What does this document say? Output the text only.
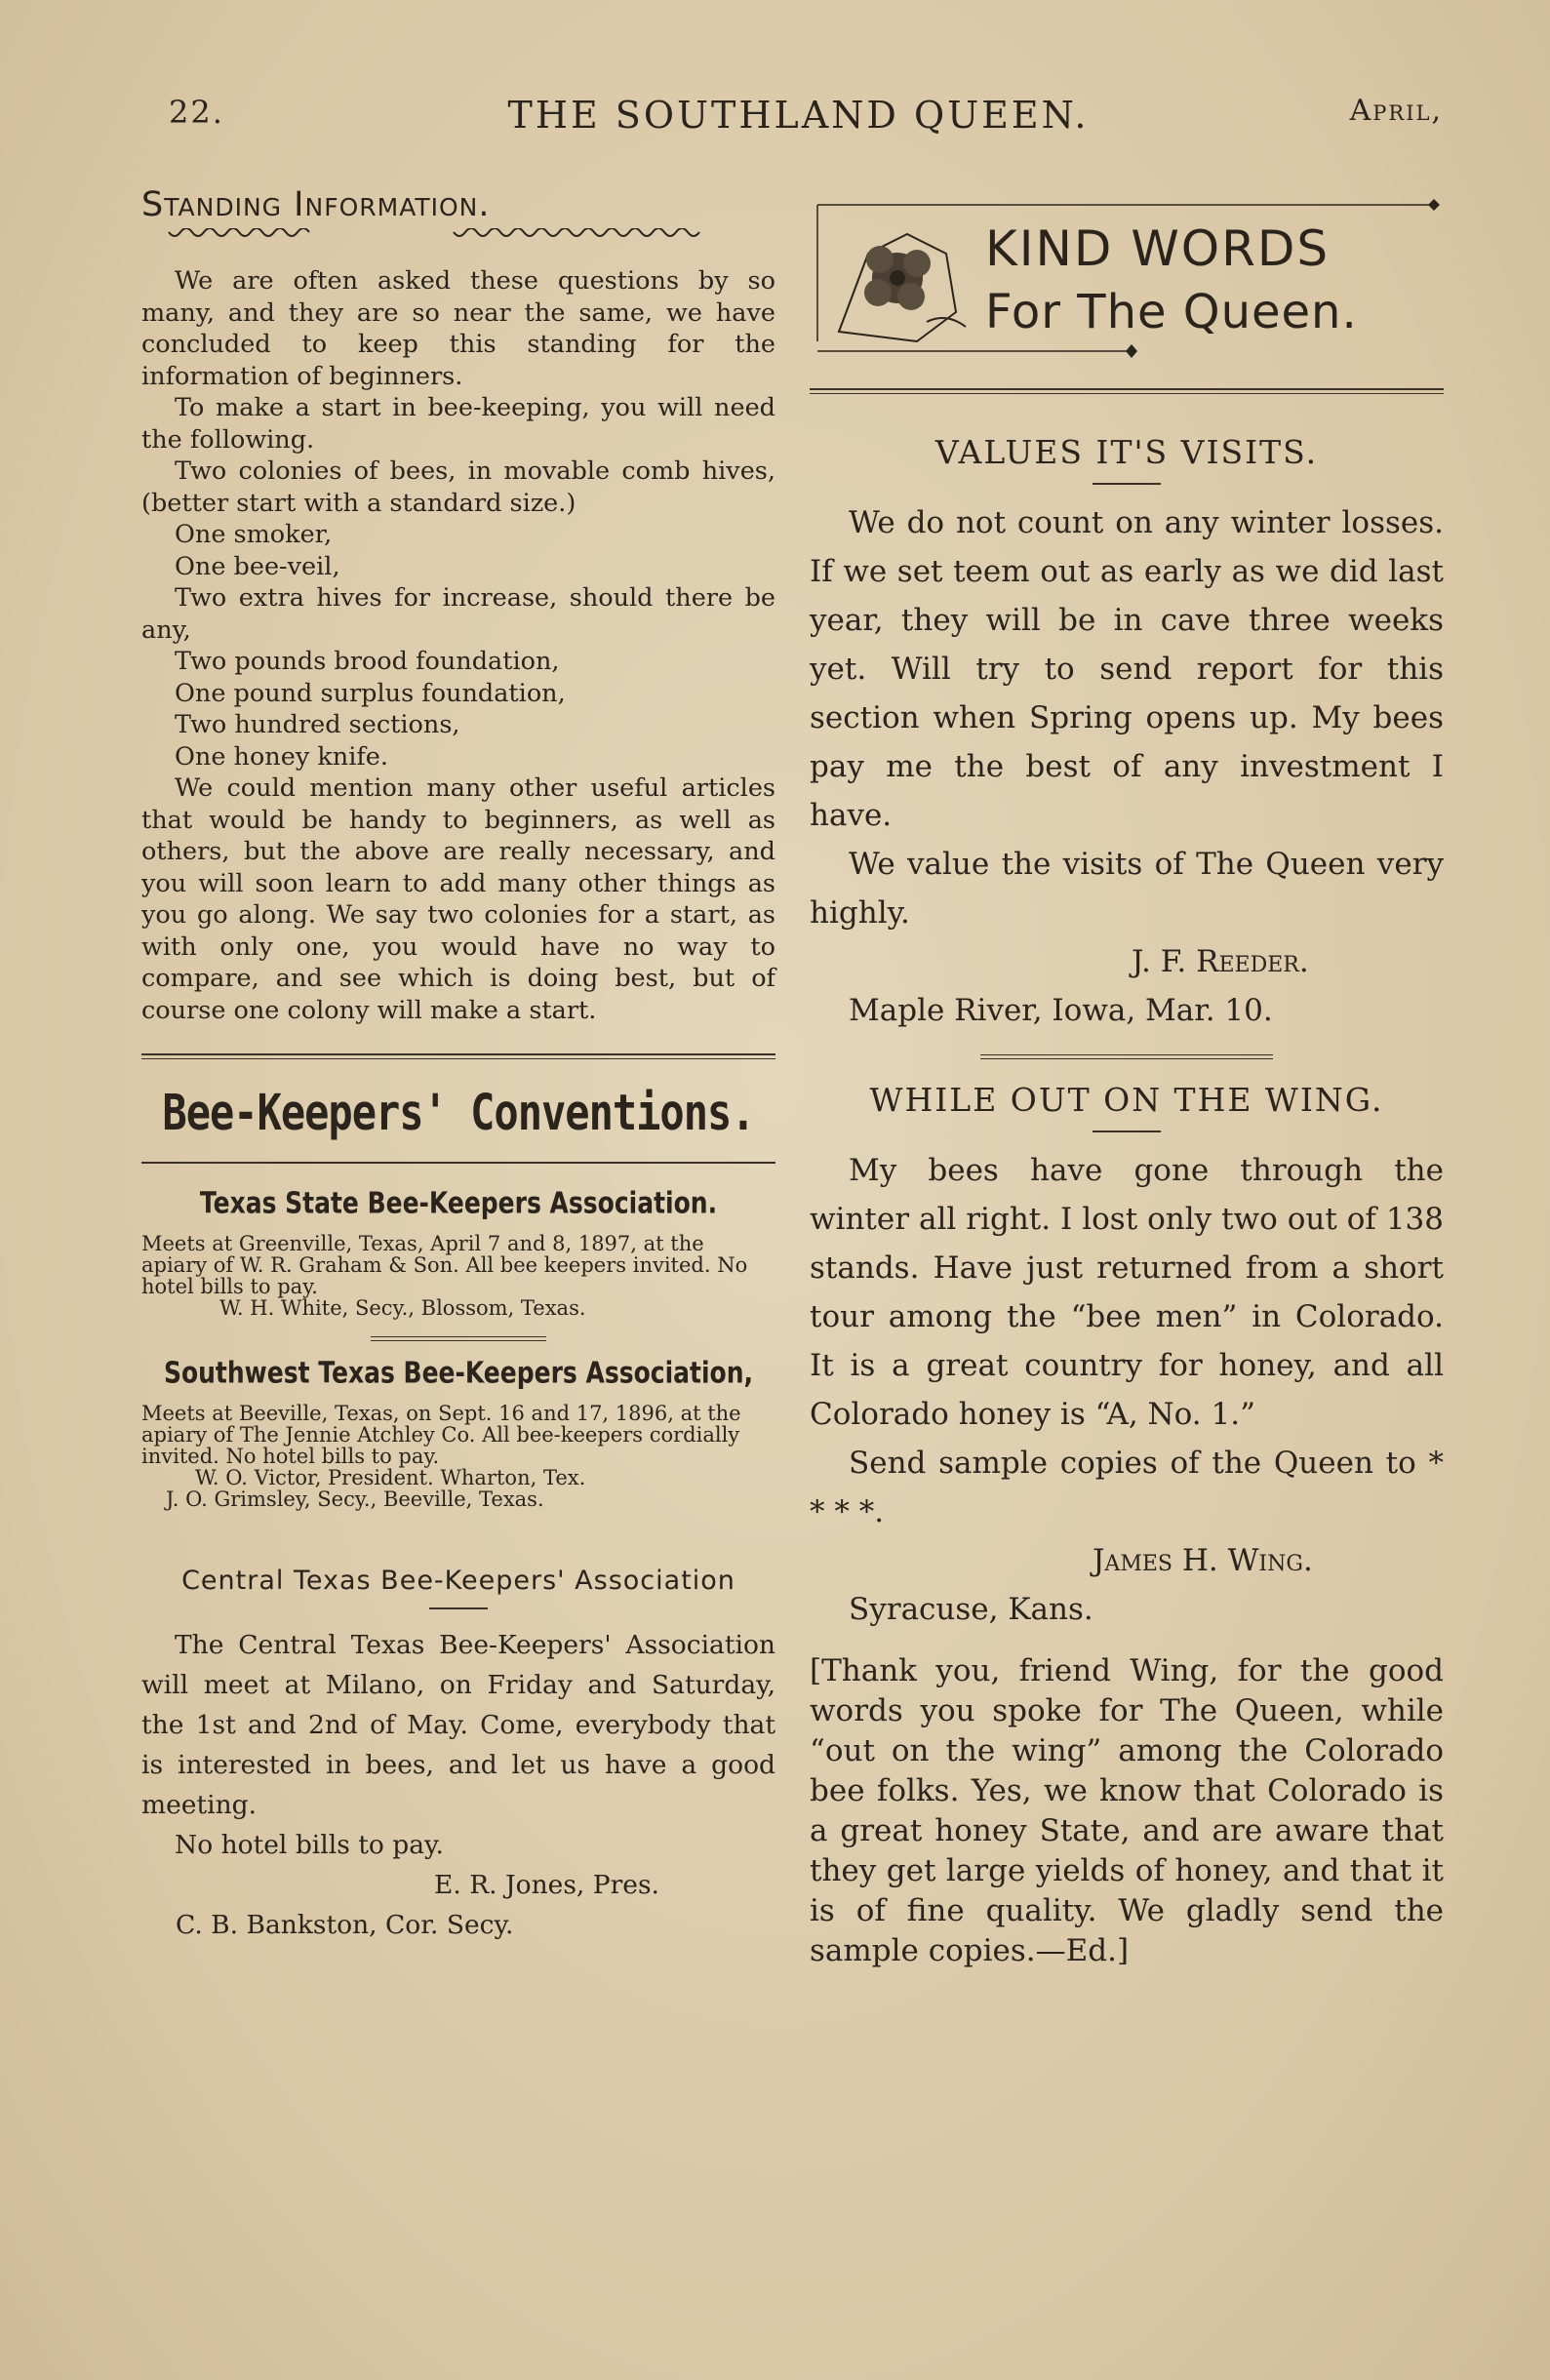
22.	THE SOUTHLAND QUEEN.	April,
Standing Information.

We are often asked these questions by so many, and they are so near the same, we have concluded to keep this standing for the information of beginners.

To make a start in bee-keeping, you will need the following.

Two colonies of bees, in movable comb hives, (better start with a standard size.)

One smoker,

One bee-veil,

Two extra hives for increase, should there be any,

Two pounds brood foundation,

One pound surplus foundation,

Two hundred sections,

One honey knife.

We could mention many other useful articles that would be handy to beginners, as well as others, but the above are really necessary, and you will soon learn to add many other things as you go along. We say two colonies for a start, as with only one, you would have no way to compare, and see which is doing best, but of course one colony will make a start.

Bee-Keepers' Conventions.
Texas State Bee-Keepers Association.

Meets at Greenville, Texas, April 7 and 8, 1897, at the apiary of W. R. Graham & Son. All bee keepers invited. No hotel bills to pay.

W. H. White, Secy., Blossom, Texas.

Southwest Texas Bee-Keepers Association,

Meets at Beeville, Texas, on Sept. 16 and 17, 1896, at the apiary of The Jennie Atchley Co. All bee-keepers cordially invited. No hotel bills to pay.

W. O. Victor, President. Wharton, Tex.

J. O. Grimsley, Secy., Beeville, Texas.

Central Texas Bee-Keepers' Association

The Central Texas Bee-Keepers' Association will meet at Milano, on Friday and Saturday, the 1st and 2nd of May. Come, everybody that is interested in bees, and let us have a good meeting.

No hotel bills to pay.

E. R. Jones, Pres.

C. B. Bankston, Cor. Secy.

KIND WORDS
For The Queen.
VALUES IT'S VISITS.

We do not count on any winter losses. If we set teem out as early as we did last year, they will be in cave three weeks yet. Will try to send report for this section when Spring opens up. My bees pay me the best of any investment I have.

We value the visits of The Queen very highly.

J. F. Reeder.

Maple River, Iowa, Mar. 10.

WHILE OUT ON THE WING.

My bees have gone through the winter all right. I lost only two out of 138 stands. Have just returned from a short tour among the “bee men” in Colorado. It is a great country for honey, and all Colorado honey is “A, No. 1.”

Send sample copies of the Queen to * * * *.

James H. Wing.

Syracuse, Kans.

[Thank you, friend Wing, for the good words you spoke for The Queen, while “out on the wing” among the Colorado bee folks. Yes, we know that Colorado is a great honey State, and are aware that they get large yields of honey, and that it is of fine quality. We gladly send the sample copies.—Ed.]
